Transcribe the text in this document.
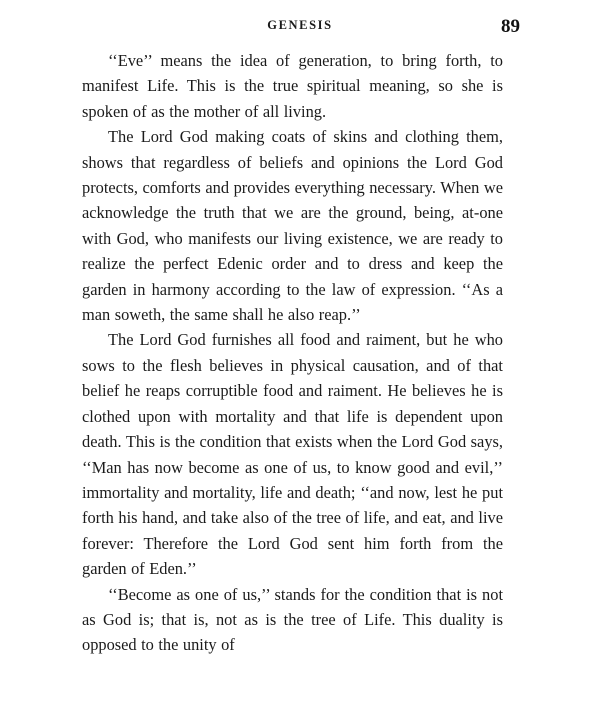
GENESIS	89

‘‘Eve’’ means the idea of generation, to bring forth, to manifest Life. This is the true spiritual meaning, so she is spoken of as the mother of all living.

The Lord God making coats of skins and clothing them, shows that regardless of beliefs and opinions the Lord God protects, comforts and provides everything necessary. When we acknowledge the truth that we are the ground, being, at-one with God, who manifests our living existence, we are ready to realize the perfect Edenic order and to dress and keep the garden in harmony according to the law of expression. ‘‘As a man soweth, the same shall he also reap.’’

The Lord God furnishes all food and raiment, but he who sows to the flesh believes in physical causation, and of that belief he reaps corruptible food and raiment. He believes he is clothed upon with mortality and that life is dependent upon death. This is the condition that exists when the Lord God says, ‘‘Man has now become as one of us, to know good and evil,’’ immortality and mortality, life and death; ‘‘and now, lest he put forth his hand, and take also of the tree of life, and eat, and live forever: Therefore the Lord God sent him forth from the garden of Eden.’’

‘‘Become as one of us,’’ stands for the condition that is not as God is; that is, not as is the tree of Life. This duality is opposed to the unity of
